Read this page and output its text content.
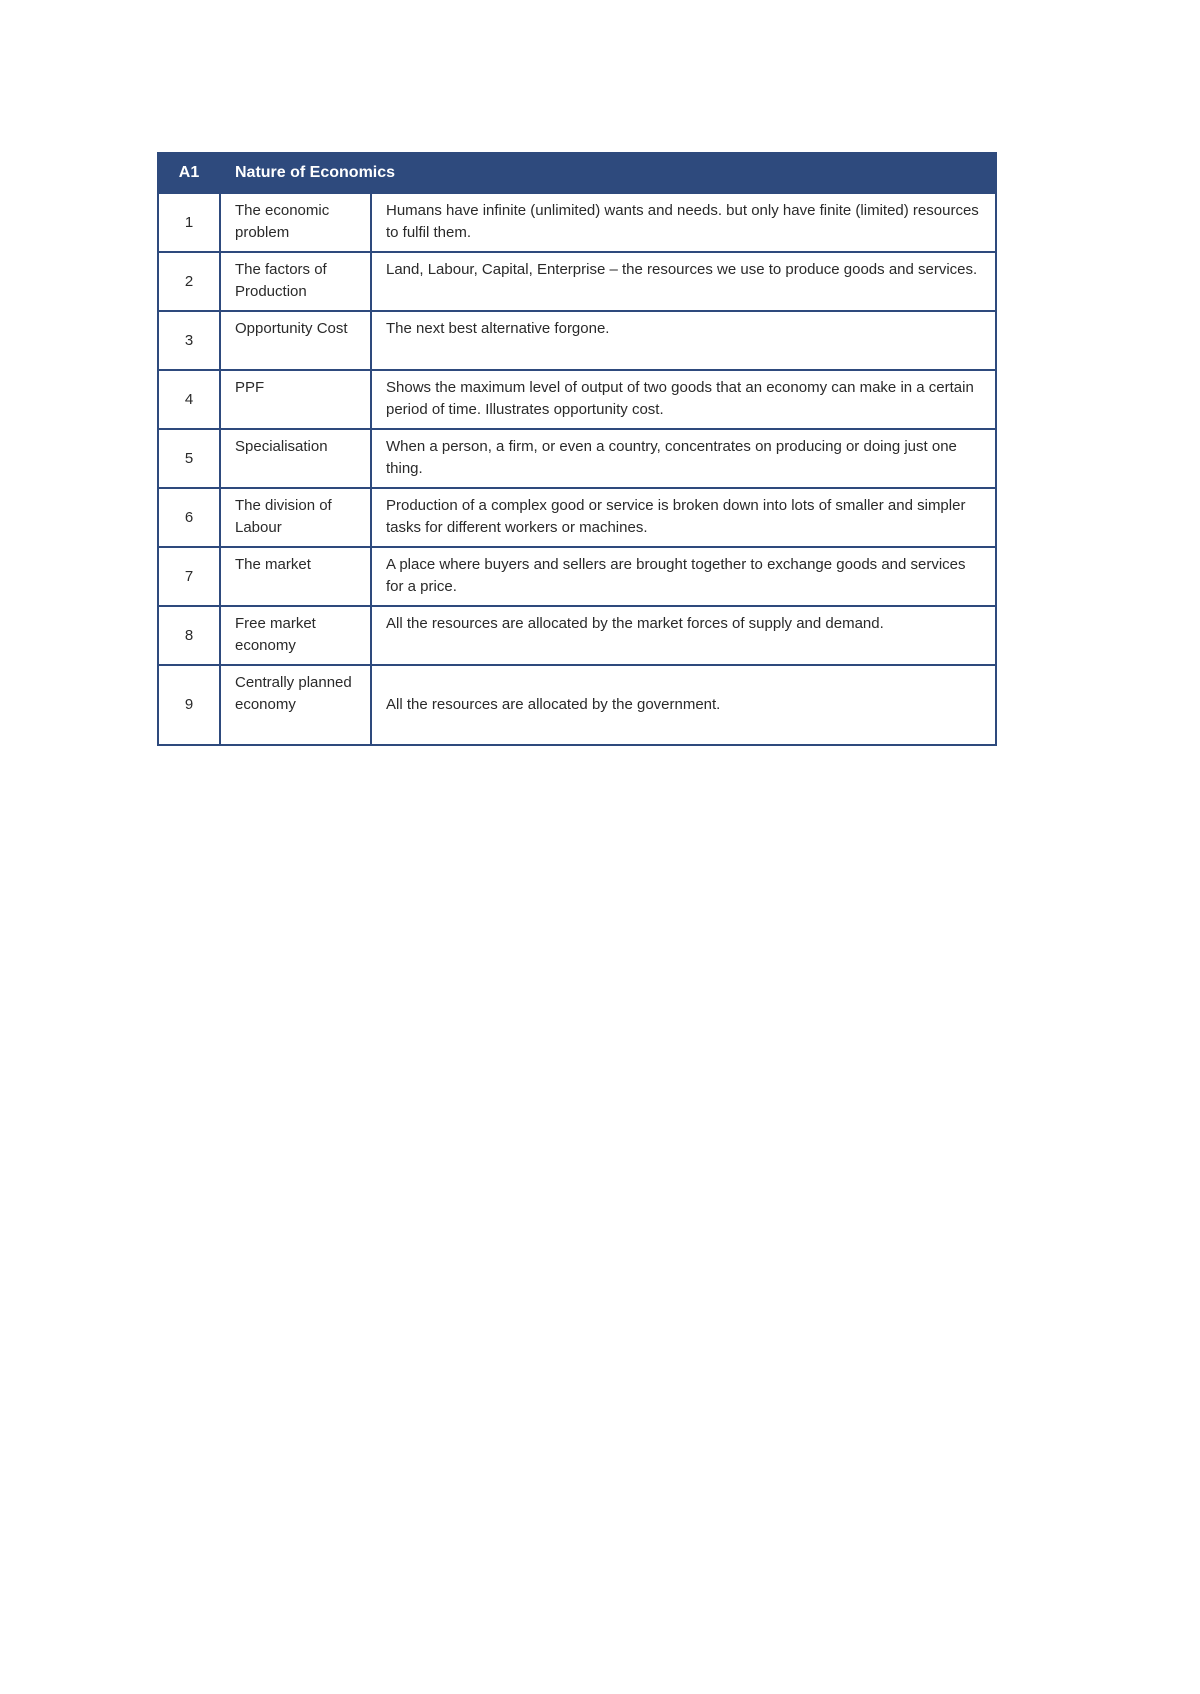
A1	Nature of Economics	
1	The economic problem	Humans have infinite (unlimited) wants and needs. but only have finite (limited) resources to fulfil them.
2	The factors of Production	Land, Labour, Capital, Enterprise – the resources we use to produce goods and services.
3	Opportunity Cost	The next best alternative forgone.
4	PPF	Shows the maximum level of output of two goods that an economy can make in a certain period of time. Illustrates opportunity cost.
5	Specialisation	When a person, a firm, or even a country, concentrates on producing or doing just one thing.
6	The division of Labour	Production of a complex good or service is broken down into lots of smaller and simpler tasks for different workers or machines.
7	The market	A place where buyers and sellers are brought together to exchange goods and services for a price.
8	Free market economy	All the resources are allocated by the market forces of supply and demand.
9	Centrally planned economy	All the resources are allocated by the government.
